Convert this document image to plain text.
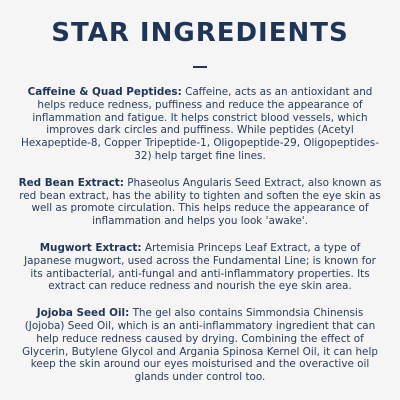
STAR INGREDIENTS

Caffeine & Quad Peptides: Caffeine, acts as an antioxidant and helps reduce redness, puffiness and reduce the appearance of inflammation and fatigue. It helps constrict blood vessels, which improves dark circles and puffiness. While peptides (Acetyl Hexapeptide-8, Copper Tripeptide-1, Oligopeptide-29, Oligopeptides-32) help target fine lines.

Red Bean Extract: Phaseolus Angularis Seed Extract, also known as red bean extract, has the ability to tighten and soften the eye skin as well as promote circulation. This helps reduce the appearance of inflammation and helps you look 'awake'.

Mugwort Extract: Artemisia Princeps Leaf Extract, a type of Japanese mugwort, used across the Fundamental Line; is known for its antibacterial, anti-fungal and anti-inflammatory properties. Its extract can reduce redness and nourish the eye skin area.

Jojoba Seed Oil: The gel also contains Simmondsia Chinensis (Jojoba) Seed Oil, which is an anti-inflammatory ingredient that can help reduce redness caused by drying. Combining the effect of Glycerin, Butylene Glycol and Argania Spinosa Kernel Oil, it can help keep the skin around our eyes moisturised and the overactive oil glands under control too.
